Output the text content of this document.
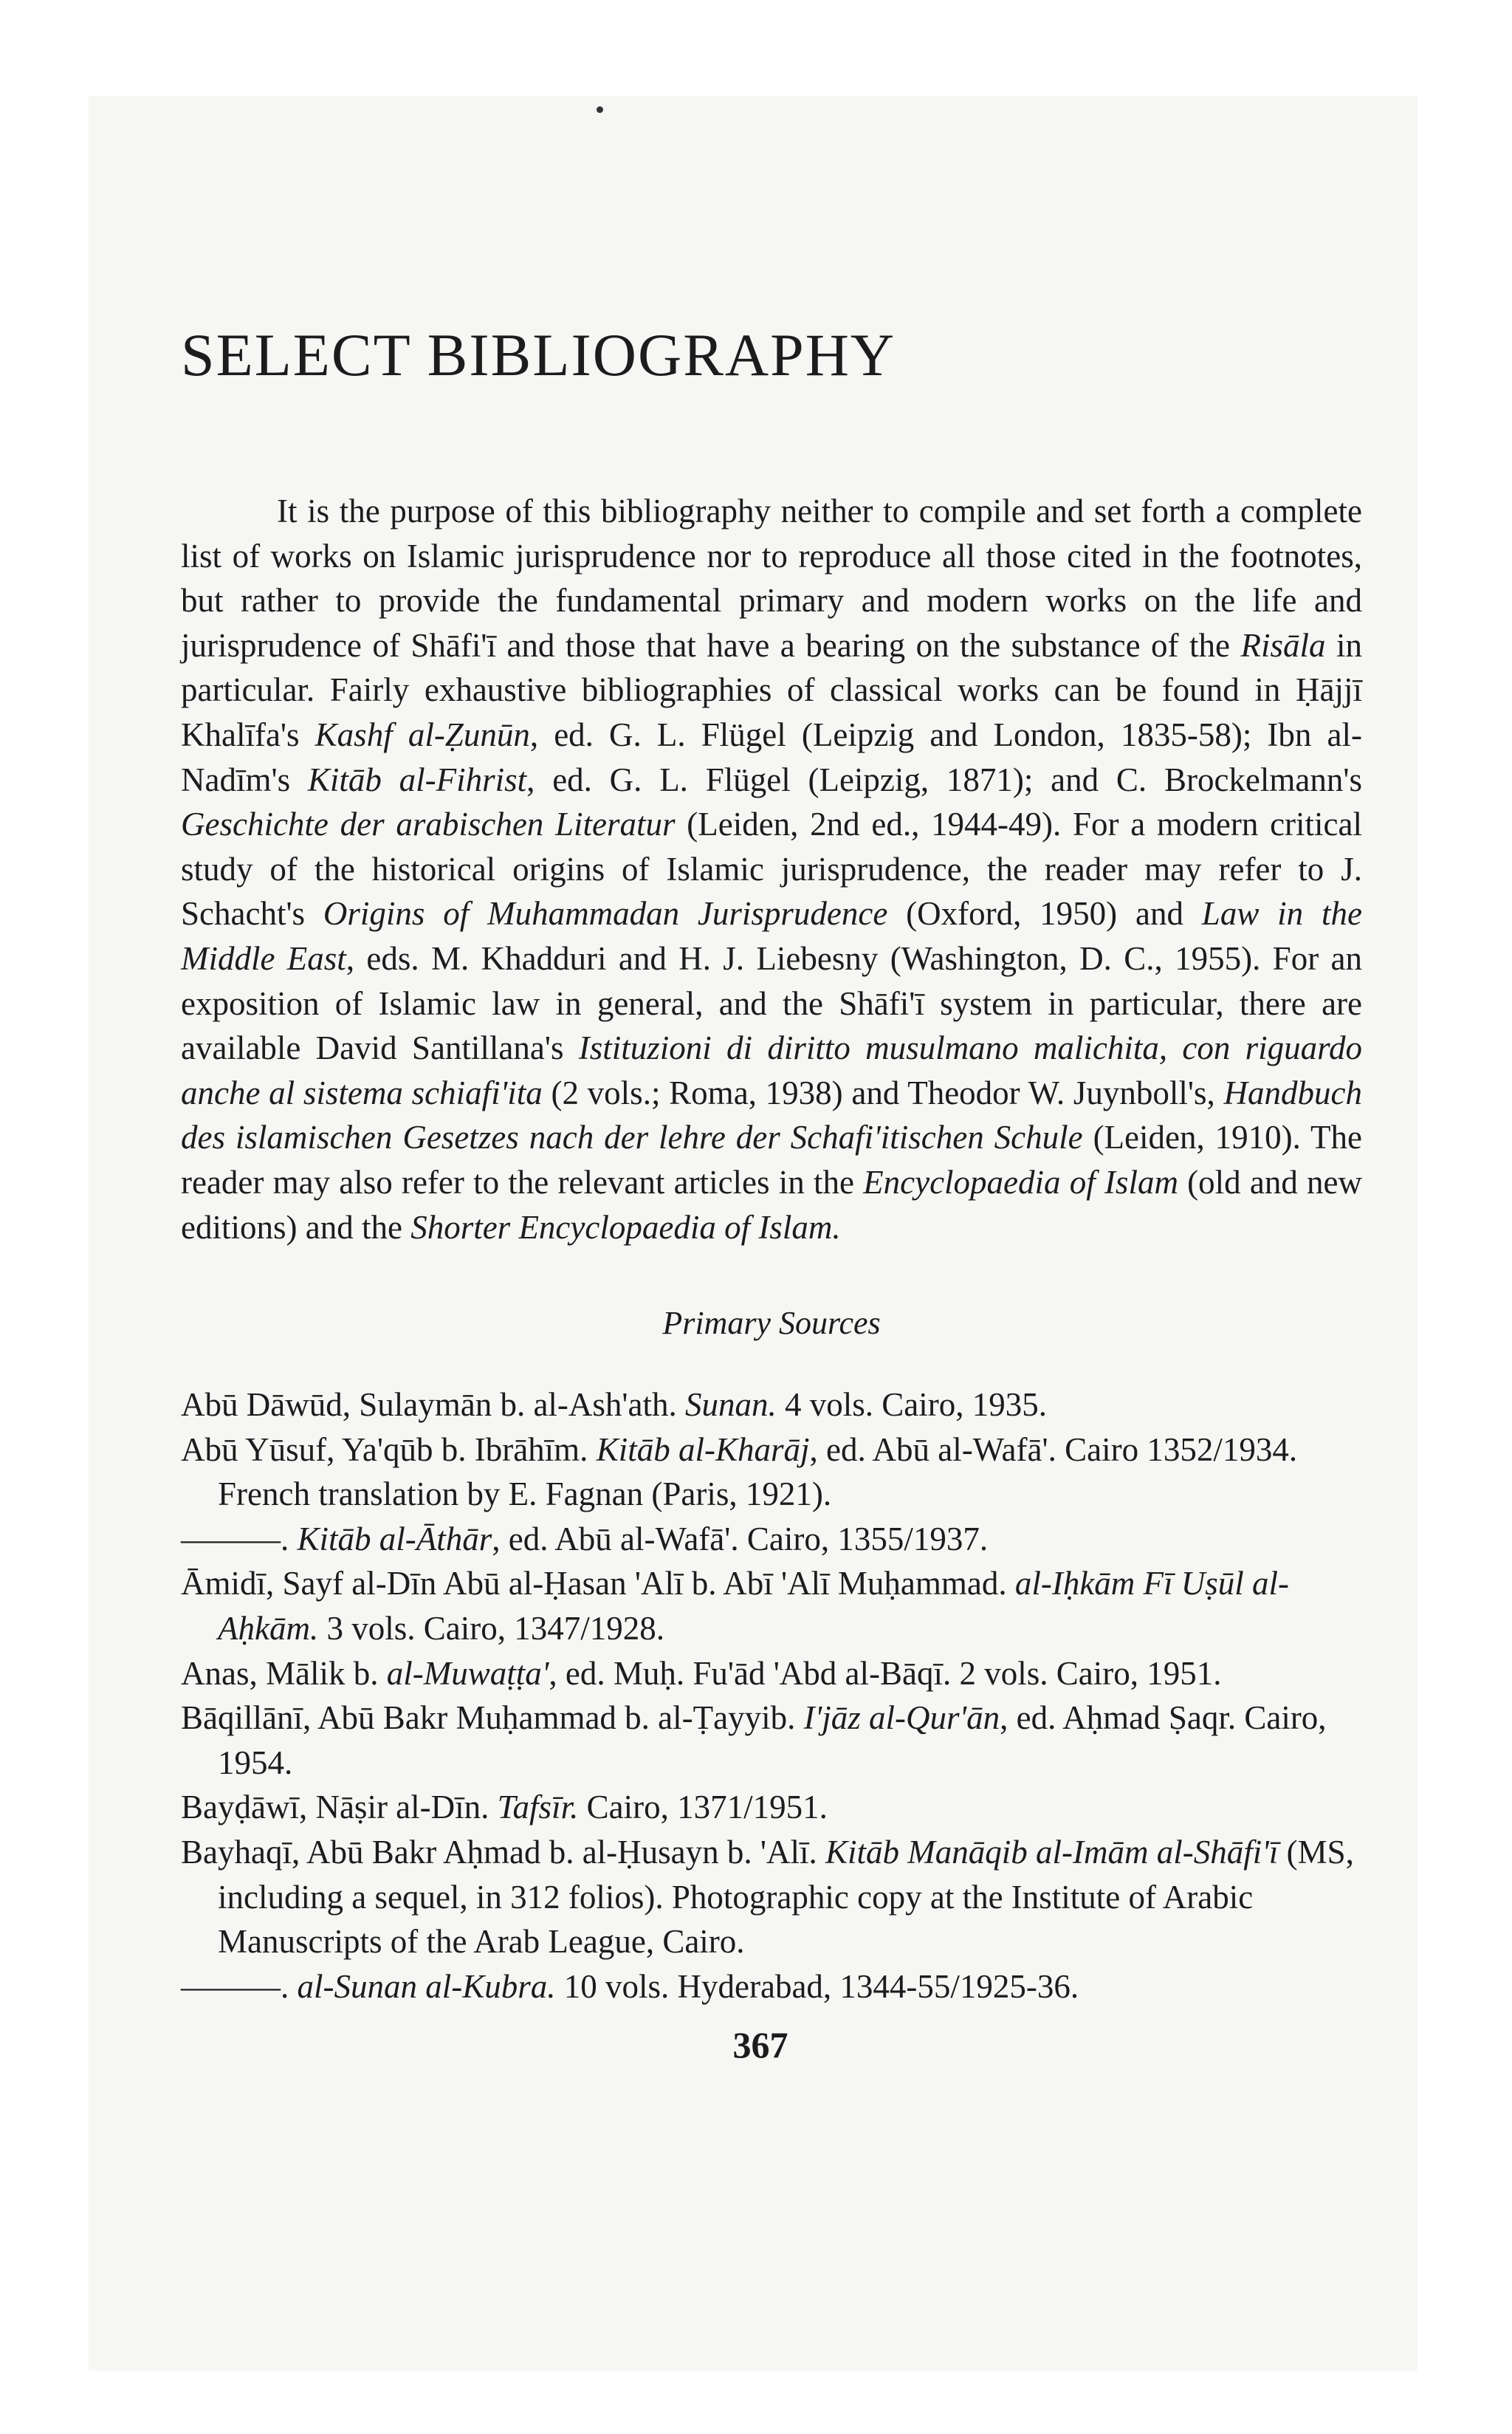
SELECT BIBLIOGRAPHY

It is the purpose of this bibliography neither to compile and set forth a complete list of works on Islamic jurisprudence nor to reproduce all those cited in the footnotes, but rather to provide the fundamental primary and modern works on the life and jurisprudence of Shāfi'ī and those that have a bearing on the substance of the Risāla in particular. Fairly exhaustive bibliographies of classical works can be found in Ḥājjī Khalīfa's Kashf al-Ẓunūn, ed. G. L. Flügel (Leipzig and London, 1835-58); Ibn al-Nadīm's Kitāb al-Fihrist, ed. G. L. Flügel (Leipzig, 1871); and C. Brockelmann's Geschichte der arabischen Literatur (Leiden, 2nd ed., 1944-49). For a modern critical study of the historical origins of Islamic jurisprudence, the reader may refer to J. Schacht's Origins of Muhammadan Jurisprudence (Oxford, 1950) and Law in the Middle East, eds. M. Khadduri and H. J. Liebesny (Washington, D. C., 1955). For an exposition of Islamic law in general, and the Shāfi'ī system in particular, there are available David Santillana's Istituzioni di diritto musulmano malichita, con riguardo anche al sistema schiafi'ita (2 vols.; Roma, 1938) and Theodor W. Juynboll's, Handbuch des islamischen Gesetzes nach der lehre der Schafi'itischen Schule (Leiden, 1910). The reader may also refer to the relevant articles in the Encyclopaedia of Islam (old and new editions) and the Shorter Encyclopaedia of Islam.

Primary Sources
Abū Dāwūd, Sulaymān b. al-Ash'ath. Sunan. 4 vols. Cairo, 1935.
Abū Yūsuf, Ya'qūb b. Ibrāhīm. Kitāb al-Kharāj, ed. Abū al-Wafā'. Cairo 1352/1934. French translation by E. Fagnan (Paris, 1921).
———. Kitāb al-Āthār, ed. Abū al-Wafā'. Cairo, 1355/1937.
Āmidī, Sayf al-Dīn Abū al-Ḥasan 'Alī b. Abī 'Alī Muḥammad. al-Iḥkām Fī Uṣūl al-Aḥkām. 3 vols. Cairo, 1347/1928.
Anas, Mālik b. al-Muwaṭṭa', ed. Muḥ. Fu'ād 'Abd al-Bāqī. 2 vols. Cairo, 1951.
Bāqillānī, Abū Bakr Muḥammad b. al-Ṭayyib. I'jāz al-Qur'ān, ed. Aḥmad Ṣaqr. Cairo, 1954.
Bayḍāwī, Nāṣir al-Dīn. Tafsīr. Cairo, 1371/1951.
Bayhaqī, Abū Bakr Aḥmad b. al-Ḥusayn b. 'Alī. Kitāb Manāqib al-Imām al-Shāfi'ī (MS, including a sequel, in 312 folios). Photographic copy at the Institute of Arabic Manuscripts of the Arab League, Cairo.
———. al-Sunan al-Kubra. 10 vols. Hyderabad, 1344-55/1925-36.
367
